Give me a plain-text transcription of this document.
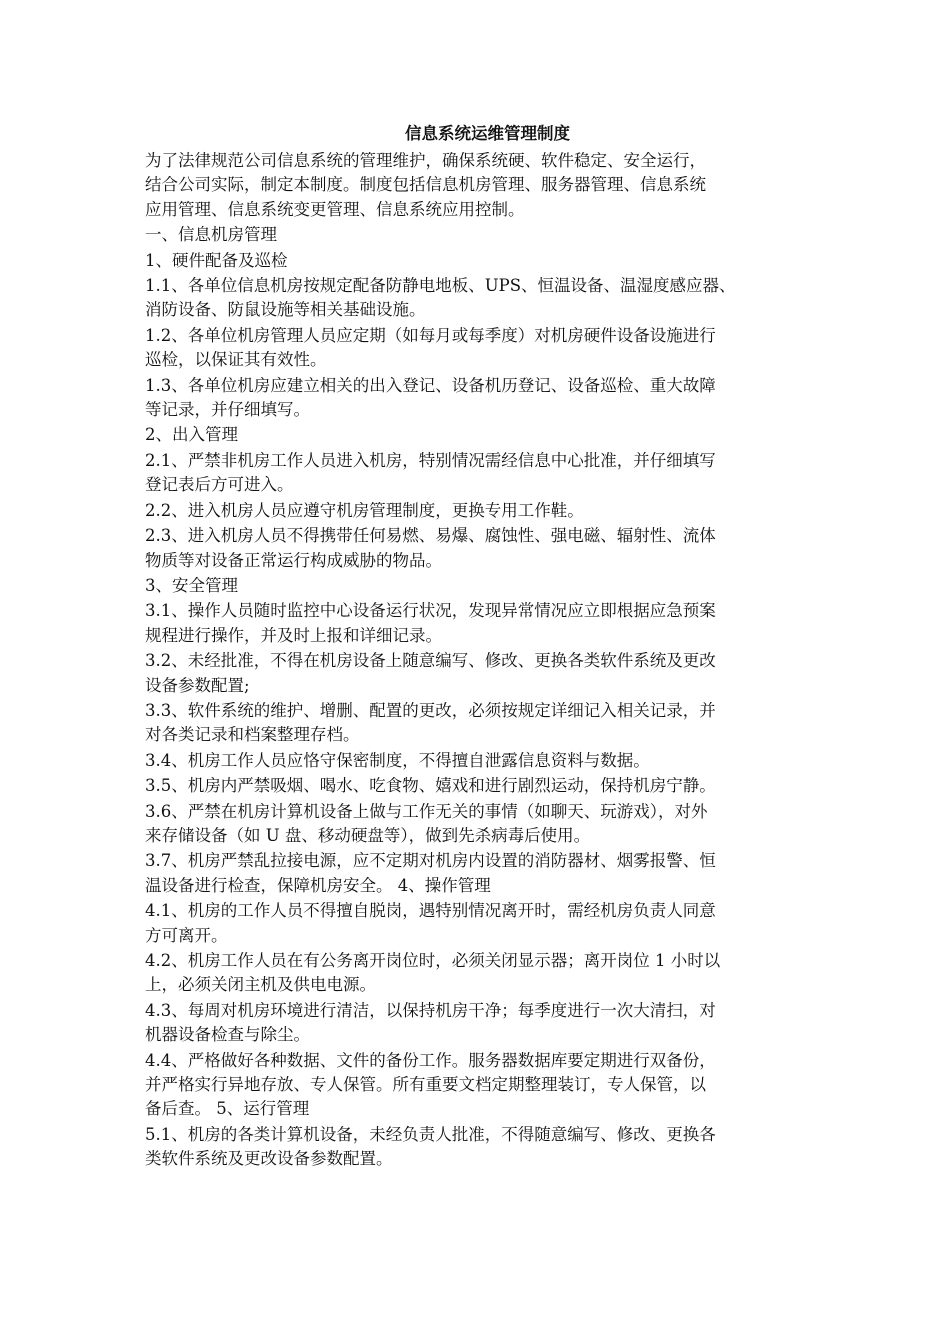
信息系统运维管理制度

为了法律规范公司信息系统的管理维护，确保系统硬、软件稳定、安全运行，
结合公司实际，制定本制度。制度包括信息机房管理、服务器管理、信息系统
应用管理、信息系统变更管理、信息系统应用控制。

一、信息机房管理

1、硬件配备及巡检

1.1、各单位信息机房按规定配备防静电地板、UPS、恒温设备、温湿度感应器、
消防设备、防鼠设施等相关基础设施。

1.2、各单位机房管理人员应定期（如每月或每季度）对机房硬件设备设施进行
巡检，以保证其有效性。

1.3、各单位机房应建立相关的出入登记、设备机历登记、设备巡检、重大故障
等记录，并仔细填写。

2、出入管理

2.1、严禁非机房工作人员进入机房，特别情况需经信息中心批准，并仔细填写
登记表后方可进入。

2.2、进入机房人员应遵守机房管理制度，更换专用工作鞋。

2.3、进入机房人员不得携带任何易燃、易爆、腐蚀性、强电磁、辐射性、流体
物质等对设备正常运行构成威胁的物品。

3、安全管理

3.1、操作人员随时监控中心设备运行状况，发现异常情况应立即根据应急预案
规程进行操作，并及时上报和详细记录。

3.2、未经批准，不得在机房设备上随意编写、修改、更换各类软件系统及更改
设备参数配置;

3.3、软件系统的维护、增删、配置的更改，必须按规定详细记入相关记录，并
对各类记录和档案整理存档。

3.4、机房工作人员应恪守保密制度，不得擅自泄露信息资料与数据。

3.5、机房内严禁吸烟、喝水、吃食物、嬉戏和进行剧烈运动，保持机房宁静。

3.6、严禁在机房计算机设备上做与工作无关的事情（如聊天、玩游戏），对外
来存储设备（如 U 盘、移动硬盘等），做到先杀病毒后使用。

3.7、机房严禁乱拉接电源，应不定期对机房内设置的消防器材、烟雾报警、恒
温设备进行检查，保障机房安全。 4、操作管理

4.1、机房的工作人员不得擅自脱岗，遇特别情况离开时，需经机房负责人同意
方可离开。

4.2、机房工作人员在有公务离开岗位时，必须关闭显示器；离开岗位 1 小时以
上，必须关闭主机及供电电源。

4.3、每周对机房环境进行清洁，以保持机房干净；每季度进行一次大清扫，对
机器设备检查与除尘。

4.4、严格做好各种数据、文件的备份工作。服务器数据库要定期进行双备份，
并严格实行异地存放、专人保管。所有重要文档定期整理装订，专人保管，以
备后查。 5、运行管理

5.1、机房的各类计算机设备，未经负责人批准，不得随意编写、修改、更换各
类软件系统及更改设备参数配置。
